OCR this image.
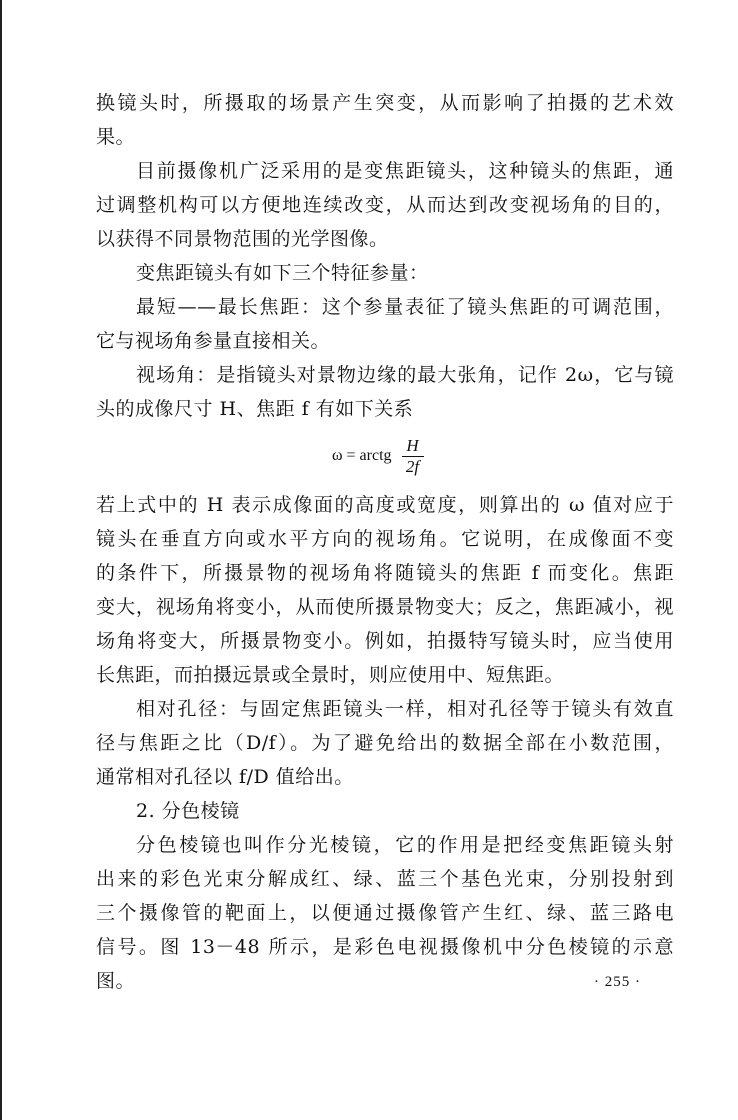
换镜头时，所摄取的场景产生突变，从而影响了拍摄的艺术效
果。
目前摄像机广泛采用的是变焦距镜头，这种镜头的焦距，通
过调整机构可以方便地连续改变，从而达到改变视场角的目的，
以获得不同景物范围的光学图像。
变焦距镜头有如下三个特征参量：
最短——最长焦距：这个参量表征了镜头焦距的可调范围，
它与视场角参量直接相关。
视场角：是指镜头对景物边缘的最大张角，记作 2ω，它与镜
头的成像尺寸 H、焦距 f 有如下关系
ω = arctg $\frac{H}{2f}$
若上式中的 H 表示成像面的高度或宽度，则算出的 ω 值对应于
镜头在垂直方向或水平方向的视场角。它说明，在成像面不变
的条件下，所摄景物的视场角将随镜头的焦距 f 而变化。焦距
变大，视场角将变小，从而使所摄景物变大；反之，焦距减小，视
场角将变大，所摄景物变小。例如，拍摄特写镜头时，应当使用
长焦距，而拍摄远景或全景时，则应使用中、短焦距。
相对孔径：与固定焦距镜头一样，相对孔径等于镜头有效直
径与焦距之比（D/f）。为了避免给出的数据全部在小数范围，
通常相对孔径以 f/D 值给出。
2. 分色棱镜
分色棱镜也叫作分光棱镜，它的作用是把经变焦距镜头射
出来的彩色光束分解成红、绿、蓝三个基色光束，分别投射到
三个摄像管的靶面上，以便通过摄像管产生红、绿、蓝三路电
信号。图 13－48 所示，是彩色电视摄像机中分色棱镜的示意
图。	· 255 ·
